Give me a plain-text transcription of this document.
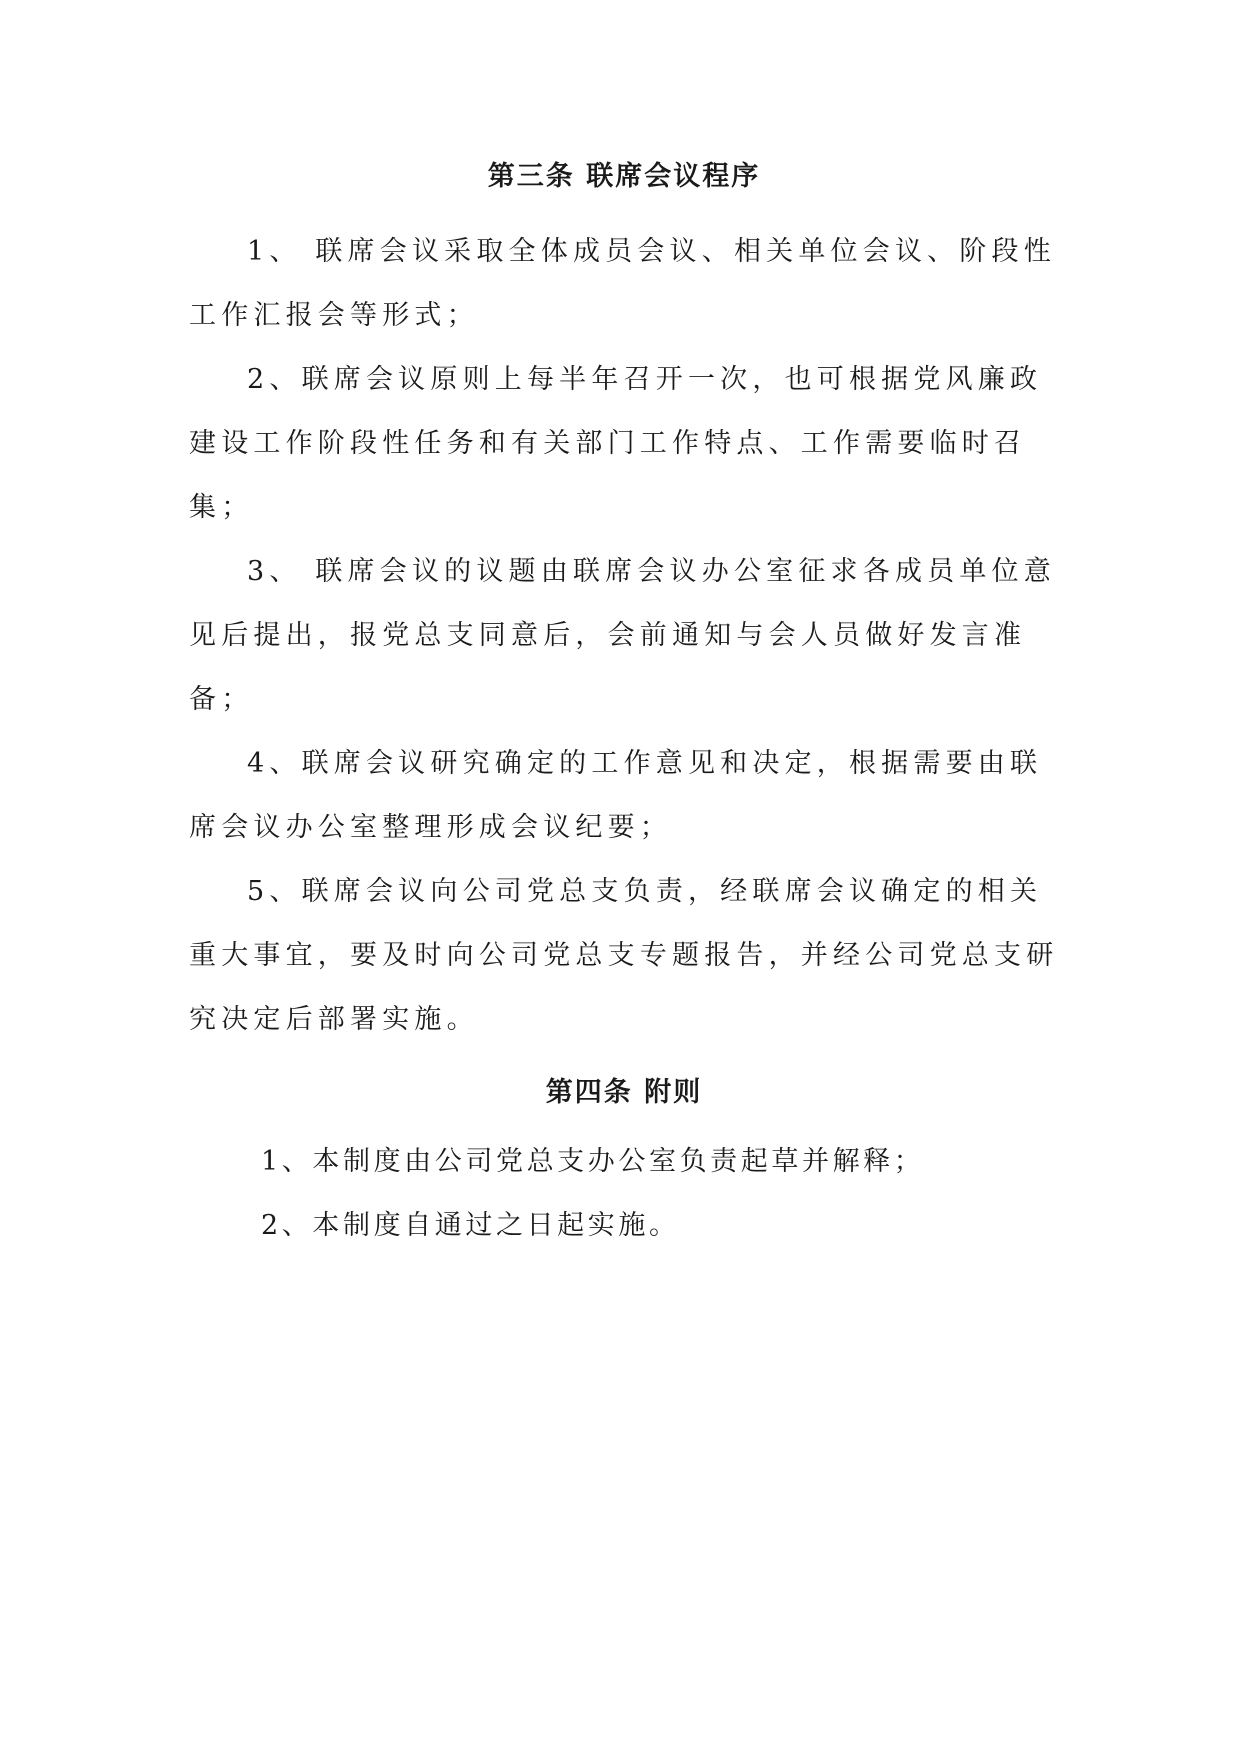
第三条 联席会议程序

1、 联席会议采取全体成员会议、相关单位会议、阶段性工作汇报会等形式；

2、联席会议原则上每半年召开一次，也可根据党风廉政建设工作阶段性任务和有关部门工作特点、工作需要临时召集；

3、 联席会议的议题由联席会议办公室征求各成员单位意见后提出，报党总支同意后，会前通知与会人员做好发言准备；

4、联席会议研究确定的工作意见和决定，根据需要由联席会议办公室整理形成会议纪要；

5、联席会议向公司党总支负责，经联席会议确定的相关重大事宜，要及时向公司党总支专题报告，并经公司党总支研究决定后部署实施。

第四条 附则

1、本制度由公司党总支办公室负责起草并解释；

2、本制度自通过之日起实施。
